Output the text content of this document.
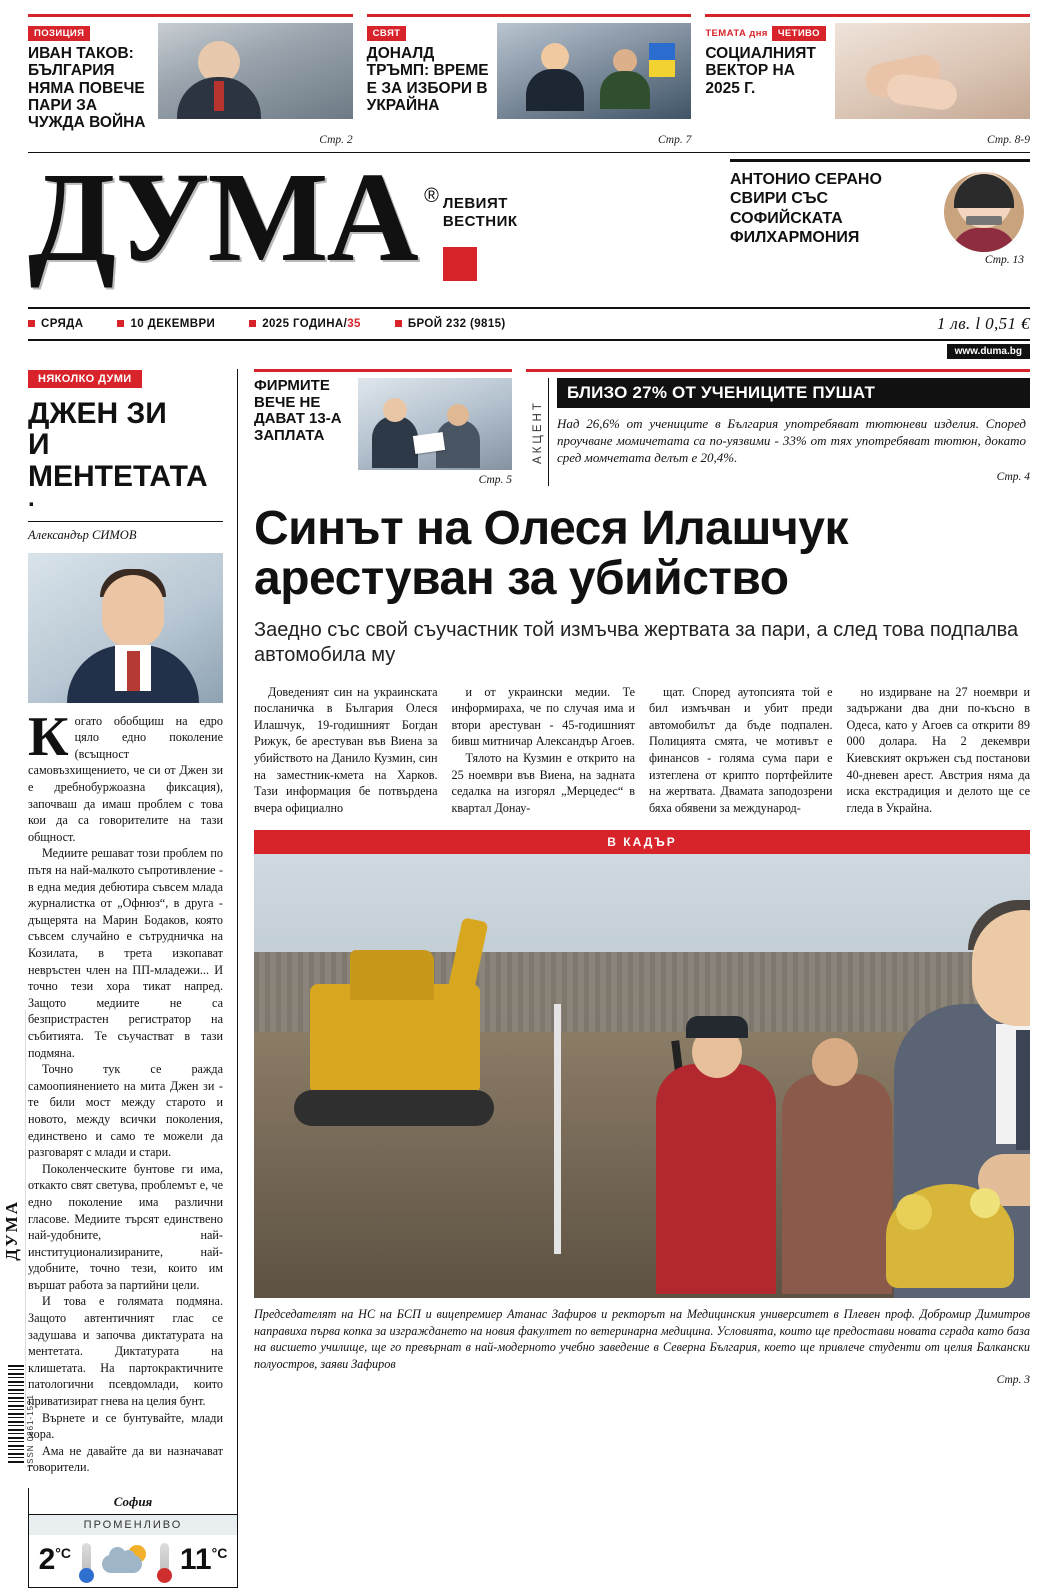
ПОЗИЦИЯ
ИВАН ТАКОВ: БЪЛГАРИЯ НЯМА ПОВЕЧЕ ПАРИ ЗА ЧУЖДА ВОЙНА
СВЯТ
ДОНАЛД ТРЪМП: ВРЕМЕ Е ЗА ИЗБОРИ В УКРАЙНА
ТЕМАТА дня ЧЕТИВО
СОЦИАЛНИЯТ ВЕКТОР НА 2025 Г.
Стр. 2	Стр. 7	Стр. 8-9
ДУМА ® ЛЕВИЯТ
ВЕСТНИК
АНТОНИО СЕРАНО СВИРИ СЪС СОФИЙСКАТА ФИЛХАРМОНИЯ
Стр. 13
СРЯДА	10 ДЕКЕМВРИ	2025 ГОДИНА/ 35	БРОЙ 232 (9815)	1 лв. l 0,51 €
www.duma.bg
НЯКОЛКО ДУМИ
ДЖЕН ЗИ
И МЕНТЕТАТА
.
Александър СИМОВ

Когато обобщиш на едро цяло едно поколение (всъщност самовъзхищението, че си от Джен зи е дребнобуржоазна фиксация), започваш да имаш проблем с това кои да са говорителите на тази общност.

Медиите решават този проблем по пътя на най-малкото съпротивление - в една медия дебютира съвсем млада журналистка от „Офнюз“, в друга - дъщерята на Марин Бодаков, която съвсем случайно е сътрудничка на Козилата, в трета изкопават невръстен член на ПП-младежи... И точно тези хора тикат напред. Защото медиите не са безпристрастен регистратор на събитията. Те съучастват в тази подмяна.

Точно тук се ражда самоопиянението на мита Джен зи - те били мост между старото и новото, между всички поколения, единствено и само те можели да разговарят с млади и стари.

Поколенческите бунтове ги има, откакто свят светува, проблемът е, че едно поколение има различни гласове. Медиите търсят единствено най-удобните, най-институционализираните, най-удобните, точно тези, които им вършат работа за партийни цели.

И това е голямата подмяна. Защото автентичният глас се задушава и започва диктатурата на ментетата. Диктатурата на клишетата. На партокрактичните патологични псевдомлади, които приватизират гнева на целия бунт.

Върнете и се бунтувайте, млади хора.

Ама не давайте да ви назначават говорители.

София
ПРОМЕНЛИВО
$2^{^\circ C}$	$11^{^\circ C}$
ФИРМИТЕ ВЕЧЕ НЕ ДАВАТ 13-А ЗАПЛАТА
Стр. 5
АКЦЕНТ
БЛИЗО 27% ОТ УЧЕНИЦИТЕ ПУШАТ
Над 26,6% от учениците в България употребяват тютюневи изделия. Според проучване момичетата са по-уязвими - 33% от тях употребяват тютюн, докато сред момчетата делът е 20,4%.
Стр. 4
Синът на Олеся Илашчук арестуван за убийство
Заедно със свой съучастник той измъчва жертвата за пари, а след това подпалва автомобила му

Доведеният син на украинската посланичка в България Олеся Илашчук, 19-годишният Богдан Рижук, бе арестуван във Виена за убийството на Данило Кузмин, син на заместник-кмета на Харков. Тази информация бе потвърдена вчера официално

и от украински медии. Те информираха, че по случая има и втори арестуван - 45-годишният бивш митничар Александър Агоев.

Тялото на Кузмин е открито на 25 ноември във Виена, на задната седалка на изгорял „Мерцедес“ в квартал Донау-

щат. Според аутопсията той е бил измъчван и убит преди автомобилът да бъде подпален. Полицията смята, че мотивът е финансов - голяма сума пари е изтеглена от крипто портфейлите на жертвата. Двамата заподозрени бяха обявени за международ-

но издирване на 27 ноември и задържани два дни по-късно в Одеса, като у Агоев са открити 89 000 долара. На 2 декември Киевският окръжен съд постанови 40-дневен арест. Австрия няма да иска екстрадиция и делото ще се гледа в Украйна.

В КАДЪР
Председателят на НС на БСП и вицепремиер Атанас Зафиров и ректорът на Медицинския университет в Плевен проф. Добромир Димитров направиха първа копка за изграждането на новия факултет по ветеринарна медицина. Условията, които ще предостави новата сграда като база на висшето училище, ще го превърнат в най-модерното учебно заведение в Северна България, което ще привлече студенти от целия Балкански полуостров, заяви Зафиров
Стр. 3
ДУМА
ISSN 0861-1521
